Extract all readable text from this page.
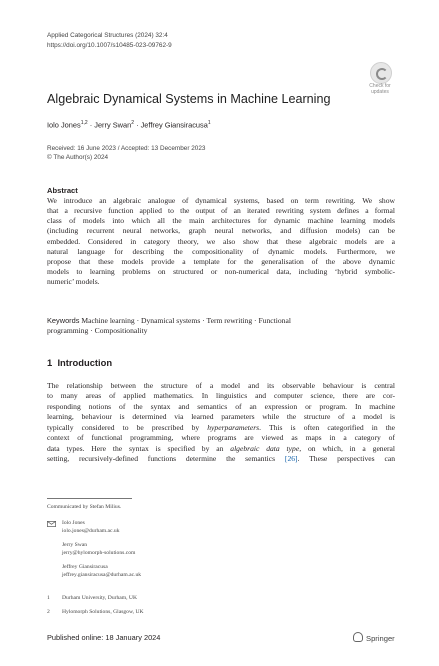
Applied Categorical Structures (2024) 32:4
https://doi.org/10.1007/s10485-023-09762-9
Check for
updates
Algebraic Dynamical Systems in Machine Learning
Iolo Jones$^{1,2}$ · Jerry Swan$^2$ · Jeffrey Giansiracusa$^1$
Received: 16 June 2023 / Accepted: 13 December 2023
© The Author(s) 2024
Abstract
We introduce an algebraic analogue of dynamical systems, based on term rewriting. We show
that a recursive function applied to the output of an iterated rewriting system defines a formal
class of models into which all the main architectures for dynamic machine learning models
(including recurrent neural networks, graph neural networks, and diffusion models) can be
embedded. Considered in category theory, we also show that these algebraic models are a
natural language for describing the compositionality of dynamic models. Furthermore, we
propose that these models provide a template for the generalisation of the above dynamic
models to learning problems on structured or non-numerical data, including ‘hybrid symbolic-
numeric’ models.
Keywords Machine learning · Dynamical systems · Term rewriting · Functional
programming · Compositionality
1 Introduction
The relationship between the structure of a model and its observable behaviour is central
to many areas of applied mathematics. In linguistics and computer science, there are cor-
responding notions of the syntax and semantics of an expression or program. In machine
learning, behaviour is determined via learned parameters while the structure of a model is
typically considered to be prescribed by hyperparameters. This is often categorified in the
context of functional programming, where programs are viewed as maps in a category of
data types. Here the syntax is specified by an algebraic data type, on which, in a general
setting, recursively-defined functions determine the semantics [26]. These perspectives can
Communicated by Stefan Milius.
Iolo Jones
iolo.jones@durham.ac.uk
Jerry Swan
jerry@hylomorph-solutions.com
Jeffrey Giansiracusa
jeffrey.giansiracusa@durham.ac.uk
1 Durham University, Durham, UK
2 Hylomorph Solutions, Glasgow, UK
Published online: 18 January 2024	Springer
